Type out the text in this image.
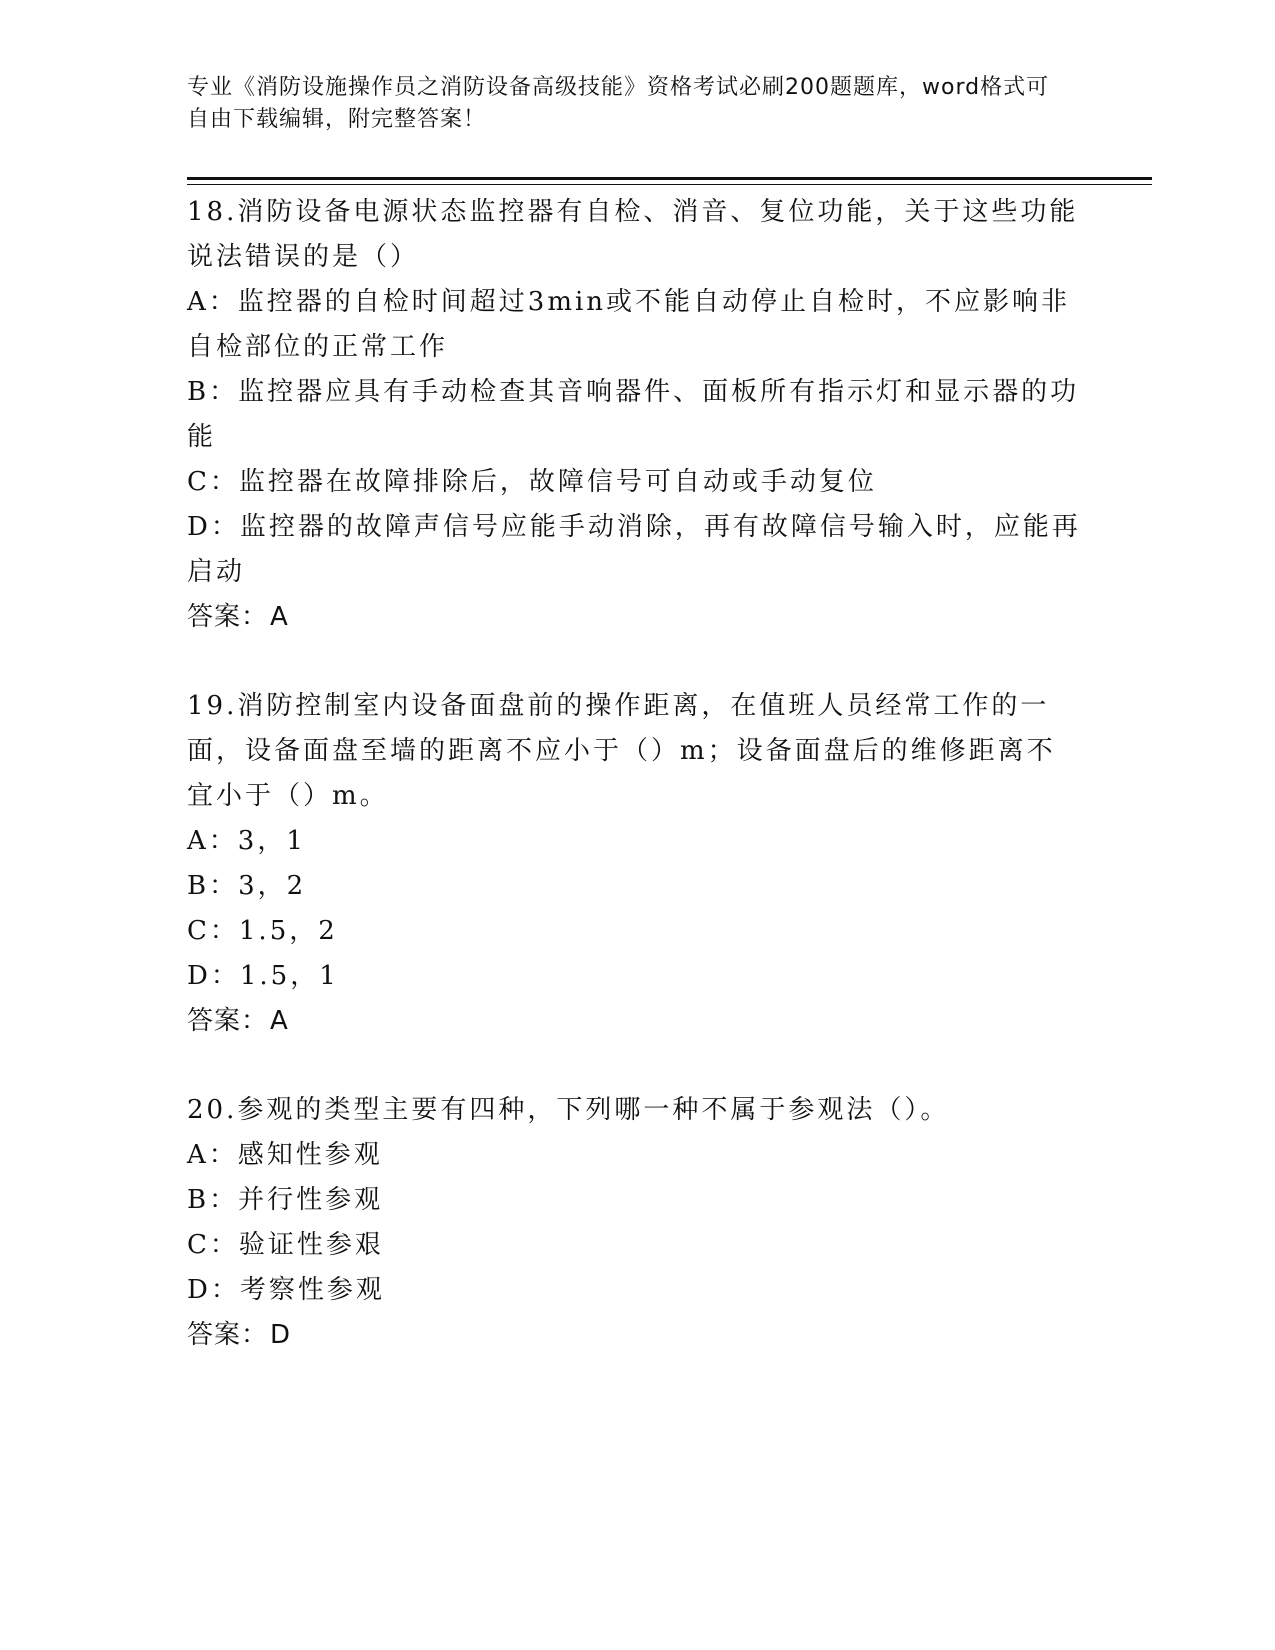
专业《消防设施操作员之消防设备高级技能》资格考试必刷200题题库，word格式可自由下载编辑，附完整答案！

18.消防设备电源状态监控器有自检、消音、复位功能，关于这些功能说法错误的是（）

A：监控器的自检时间超过3min或不能自动停止自检时，不应影响非自检部位的正常工作

B：监控器应具有手动检查其音响器件、面板所有指示灯和显示器的功能

C：监控器在故障排除后，故障信号可自动或手动复位

D：监控器的故障声信号应能手动消除，再有故障信号输入时，应能再启动

答案：A

19.消防控制室内设备面盘前的操作距离，在值班人员经常工作的一面，设备面盘至墙的距离不应小于（）m；设备面盘后的维修距离不宜小于（）m。

A：3，1

B：3，2

C：1.5，2

D：1.5，1

答案：A

20.参观的类型主要有四种，下列哪一种不属于参观法（）。

A：感知性参观

B：并行性参观

C：验证性参艰

D：考察性参观

答案：D
